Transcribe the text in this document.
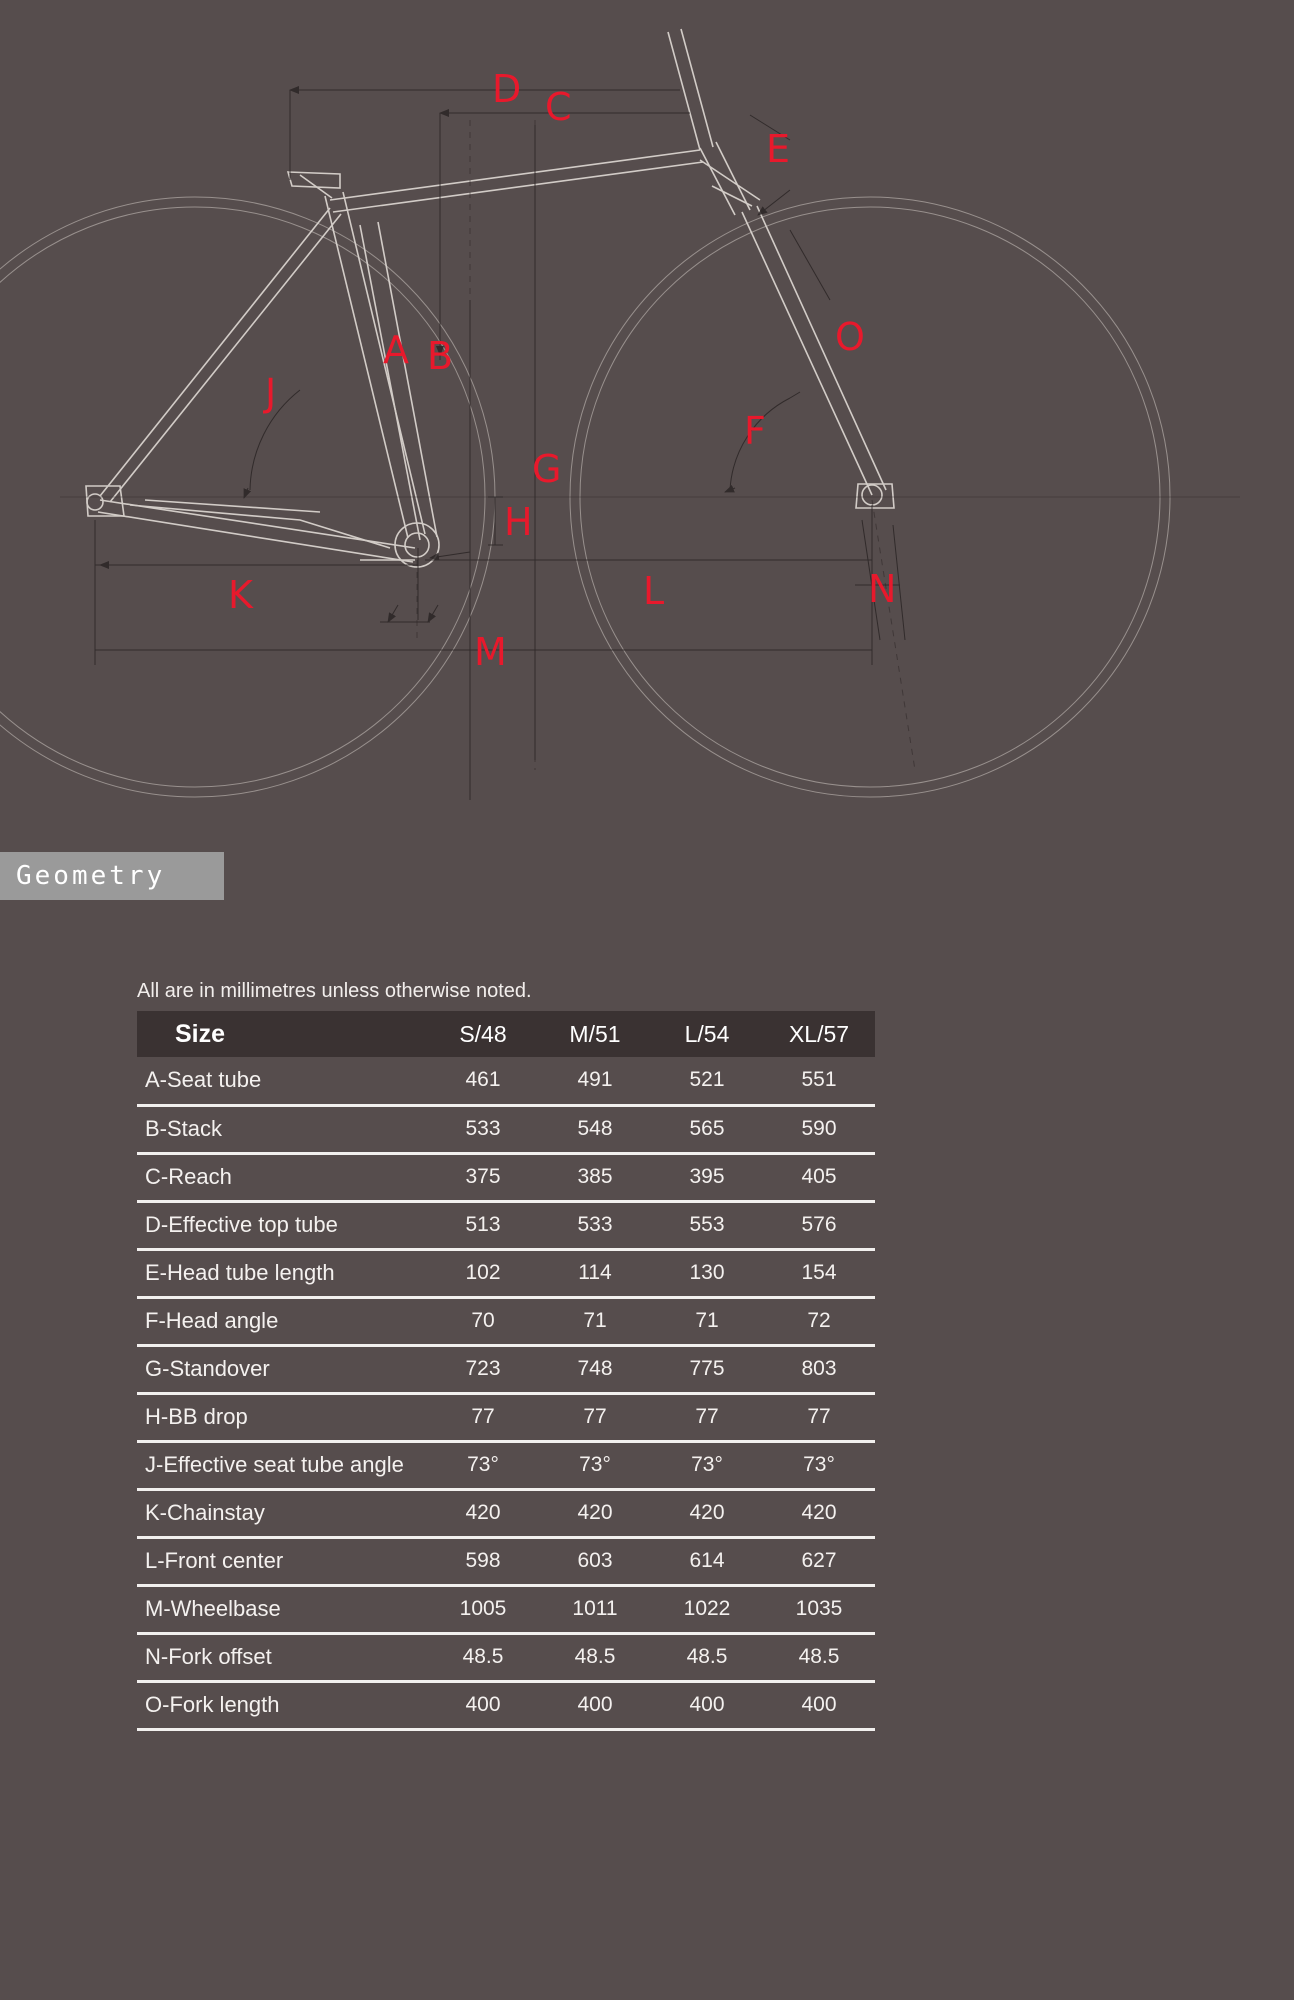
D C
E
O
A B
J
F
G
H
L
K	N
M
Geometry
All are in millimetres unless otherwise noted.
Size	S/48	M/51	L/54	XL/57
A-Seat tube	461	491	521	551
B-Stack	533	548	565	590
C-Reach	375	385	395	405
D-Effective top tube	513	533	553	576
E-Head tube length	102	114	130	154
F-Head angle	70	71	71	72
G-Standover	723	748	775	803
H-BB drop	77	77	77	77
J-Effective seat tube angle	73°	73°	73°	73°
K-Chainstay	420	420	420	420
L-Front center	598	603	614	627
M-Wheelbase	1005	1011	1022	1035
N-Fork offset	48.5	48.5	48.5	48.5
O-Fork length	400	400	400	400
